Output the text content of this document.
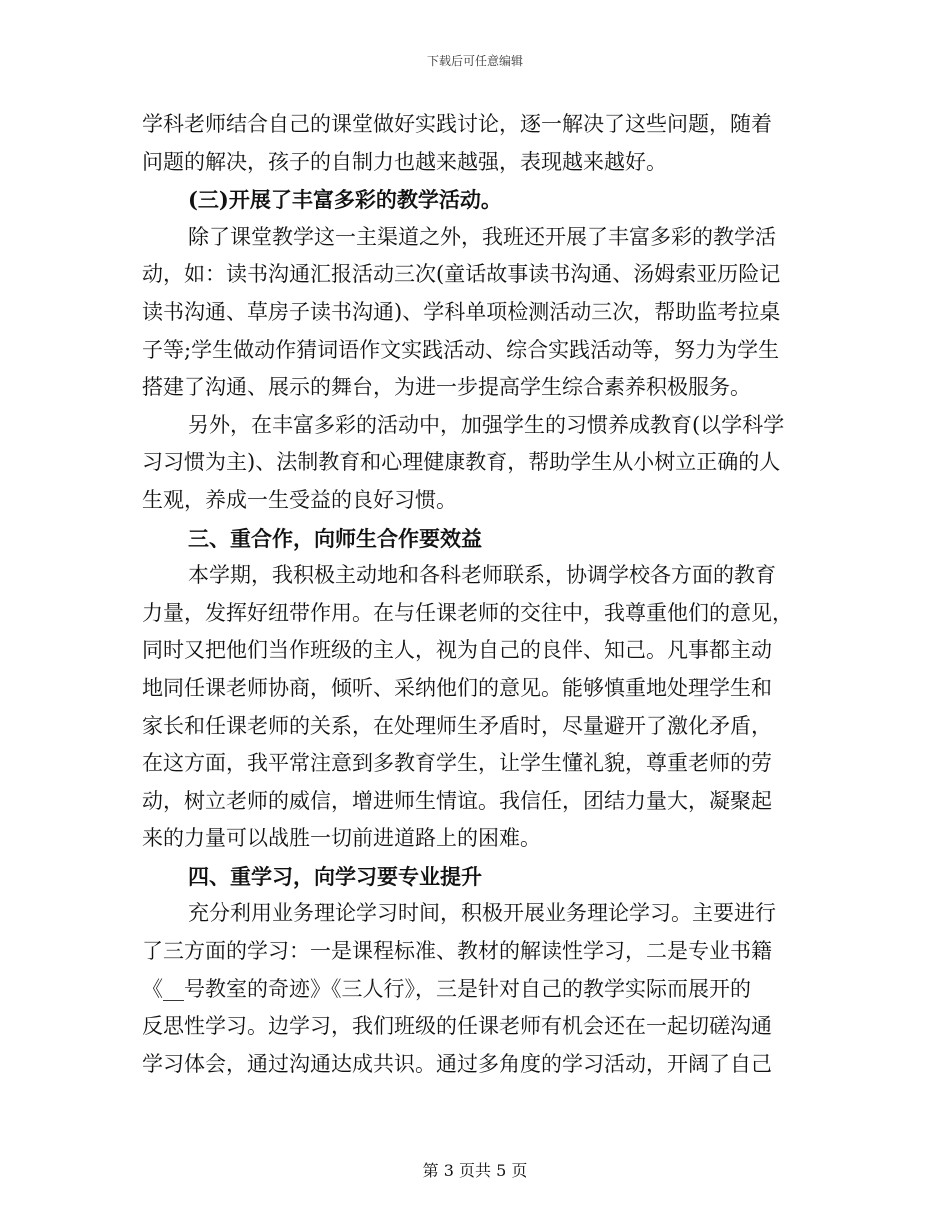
下载后可任意编辑
学科老师结合自己的课堂做好实践讨论，逐一解决了这些问题，随着
问题的解决，孩子的自制力也越来越强，表现越来越好。
(三)开展了丰富多彩的教学活动。
除了课堂教学这一主渠道之外，我班还开展了丰富多彩的教学活
动，如：读书沟通汇报活动三次(童话故事读书沟通、汤姆索亚历险记
读书沟通、草房子读书沟通)、学科单项检测活动三次，帮助监考拉桌
子等;学生做动作猜词语作文实践活动、综合实践活动等，努力为学生
搭建了沟通、展示的舞台，为进一步提高学生综合素养积极服务。
另外，在丰富多彩的活动中，加强学生的习惯养成教育(以学科学
习习惯为主)、法制教育和心理健康教育，帮助学生从小树立正确的人
生观，养成一生受益的良好习惯。
三、重合作，向师生合作要效益
本学期，我积极主动地和各科老师联系，协调学校各方面的教育
力量，发挥好纽带作用。在与任课老师的交往中，我尊重他们的意见，
同时又把他们当作班级的主人，视为自己的良伴、知己。凡事都主动
地同任课老师协商，倾听、采纳他们的意见。能够慎重地处理学生和
家长和任课老师的关系，在处理师生矛盾时，尽量避开了激化矛盾，
在这方面，我平常注意到多教育学生，让学生懂礼貌，尊重老师的劳
动，树立老师的威信，增进师生情谊。我信任，团结力量大，凝聚起
来的力量可以战胜一切前进道路上的困难。
四、重学习，向学习要专业提升
充分利用业务理论学习时间，积极开展业务理论学习。主要进行
了三方面的学习：一是课程标准、教材的解读性学习，二是专业书籍
《__号教室的奇迹》《三人行》，三是针对自己的教学实际而展开的
反思性学习。边学习，我们班级的任课老师有机会还在一起切磋沟通
学习体会，通过沟通达成共识。通过多角度的学习活动，开阔了自己
第 3 页共 5 页
